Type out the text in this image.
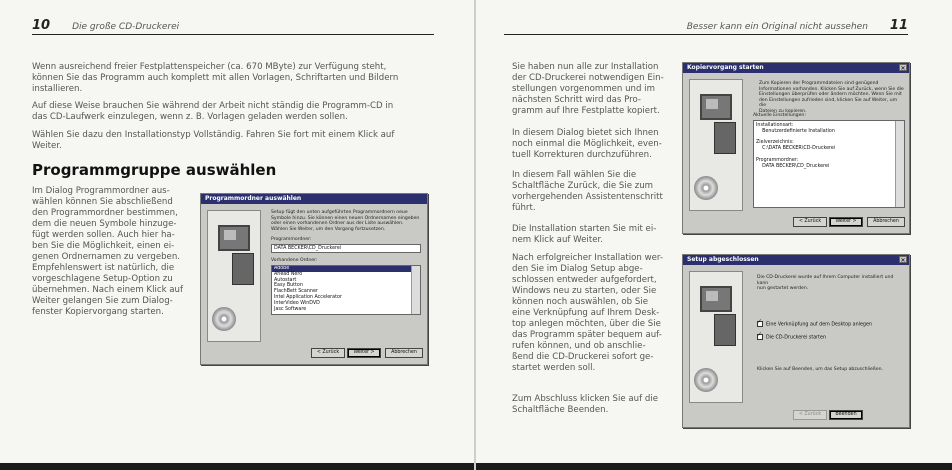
10 Die große CD-Druckerei

Wenn ausreichend freier Festplattenspeicher (ca. 670 MByte) zur Verfügung steht,
können Sie das Programm auch komplett mit allen Vorlagen, Schriftarten und Bildern
installieren.

Auf diese Weise brauchen Sie während der Arbeit nicht ständig die Programm-CD in
das CD-Laufwerk einzulegen, wenn z. B. Vorlagen geladen werden sollen.

Wählen Sie dazu den Installationstyp Vollständig. Fahren Sie fort mit einem Klick auf
Weiter.

Programmgruppe auswählen

Im Dialog Programmordner aus-
wählen können Sie abschließend
den Programmordner bestimmen,
dem die neuen Symbole hinzuge-
fügt werden sollen. Auch hier ha-
ben Sie die Möglichkeit, einen ei-
genen Ordnernamen zu vergeben.
Empfehlenswert ist natürlich, die
vorgeschlagene Setup-Option zu
übernehmen. Nach einem Klick auf
Weiter gelangen Sie zum Dialog-
fenster Kopiervorgang starten.

Programmordner auswählen

Setup fügt den unten aufgeführten Programmordnern neue
Symbole hinzu. Sie können einen neuen Ordnernamen eingeben
oder einen vorhandenen Ordner aus der Liste auswählen.
Wählen Sie Weiter, um den Vorgang fortzusetzen.

Programmordner:
DATA BECKER\CD_Druckerei
Vorhandene Ordner:
Adobe
Ahead Nero
Autostart
Easy Button
FlachBett Scanner
Intel Application Accelerator
InterVideo WinDVD
Jasc Software
< Zurück	Weiter >	Abbrechen
Besser kann ein Original nicht aussehen 11

Sie haben nun alle zur Installation
der CD-Druckerei notwendigen Ein-
stellungen vorgenommen und im
nächsten Schritt wird das Pro-
gramm auf Ihre Festplatte kopiert.

In diesem Dialog bietet sich Ihnen
noch einmal die Möglichkeit, even-
tuell Korrekturen durchzuführen.

In diesem Fall wählen Sie die
Schaltfläche Zurück, die Sie zum
vorhergehenden Assistentenschritt
führt.

Die Installation starten Sie mit ei-
nem Klick auf Weiter.

Nach erfolgreicher Installation wer-
den Sie im Dialog Setup abge-
schlossen entweder aufgefordert,
Windows neu zu starten, oder Sie
können noch auswählen, ob Sie
eine Verknüpfung auf Ihrem Desk-
top anlegen möchten, über die Sie
das Programm später bequem auf-
rufen können, und ob anschlie-
ßend die CD-Druckerei sofort ge-
startet werden soll.

Zum Abschluss klicken Sie auf die
Schaltfläche Beenden.

Kopiervorgang starten	✕

Zum Kopieren der Programmdateien sind genügend
Informationen vorhanden. Klicken Sie auf Zurück, wenn Sie die
Einstellungen überprüfen oder ändern möchten. Wenn Sie mit
den Einstellungen zufrieden sind, klicken Sie auf Weiter, um die
Dateien zu kopieren.

Aktuelle Einstellungen:
Installationsart:
Benutzerdefinierte Installation
Zielverzeichnis:
C:\DATA BECKER\CD-Druckerei
Programmordner:
DATA BECKER\CD_Druckerei
< Zurück	Weiter >	Abbrechen
Setup abgeschlossen	✕

Die CD-Druckerei wurde auf Ihrem Computer installiert und kann
nun gestartet werden.

✓Eine Verknüpfung auf dem Desktop anlegen
✓Die CD-Druckerei starten
Klicken Sie auf Beenden, um das Setup abzuschließen.
< Zurück	Beenden
